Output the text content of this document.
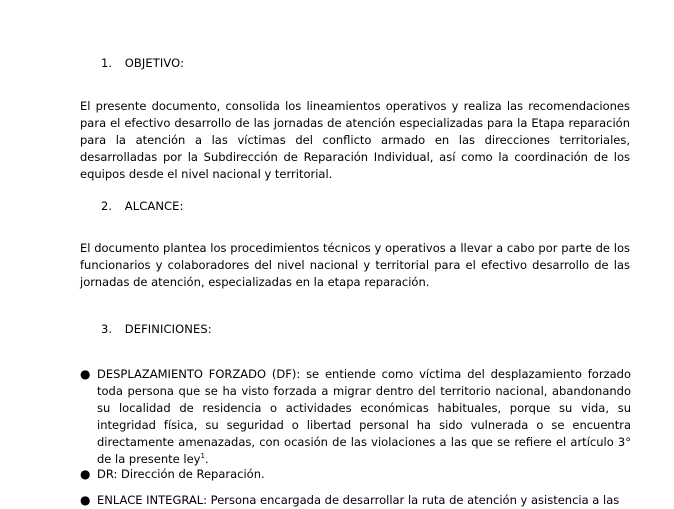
1. OBJETIVO:

El presente documento, consolida los lineamientos operativos y realiza las recomendaciones para el efectivo desarrollo de las jornadas de atención especializadas para la Etapa reparación para la atención a las víctimas del conflicto armado en las direcciones territoriales, desarrolladas por la Subdirección de Reparación Individual, así como la coordinación de los equipos desde el nivel nacional y territorial.

2. ALCANCE:

El documento plantea los procedimientos técnicos y operativos a llevar a cabo por parte de los funcionarios y colaboradores del nivel nacional y territorial para el efectivo desarrollo de las jornadas de atención, especializadas en la etapa reparación.

3. DEFINICIONES:
● DESPLAZAMIENTO FORZADO (DF): se entiende como víctima del desplazamiento forzado toda persona que se ha visto forzada a migrar dentro del territorio nacional, abandonando su localidad de residencia o actividades económicas habituales, porque su vida, su integridad física, su seguridad o libertad personal ha sido vulnerada o se encuentra directamente amenazadas, con ocasión de las violaciones a las que se refiere el artículo 3° de la presente ley$^1$.
● DR: Dirección de Reparación.
● ENLACE INTEGRAL: Persona encargada de desarrollar la ruta de atención y asistencia a las
